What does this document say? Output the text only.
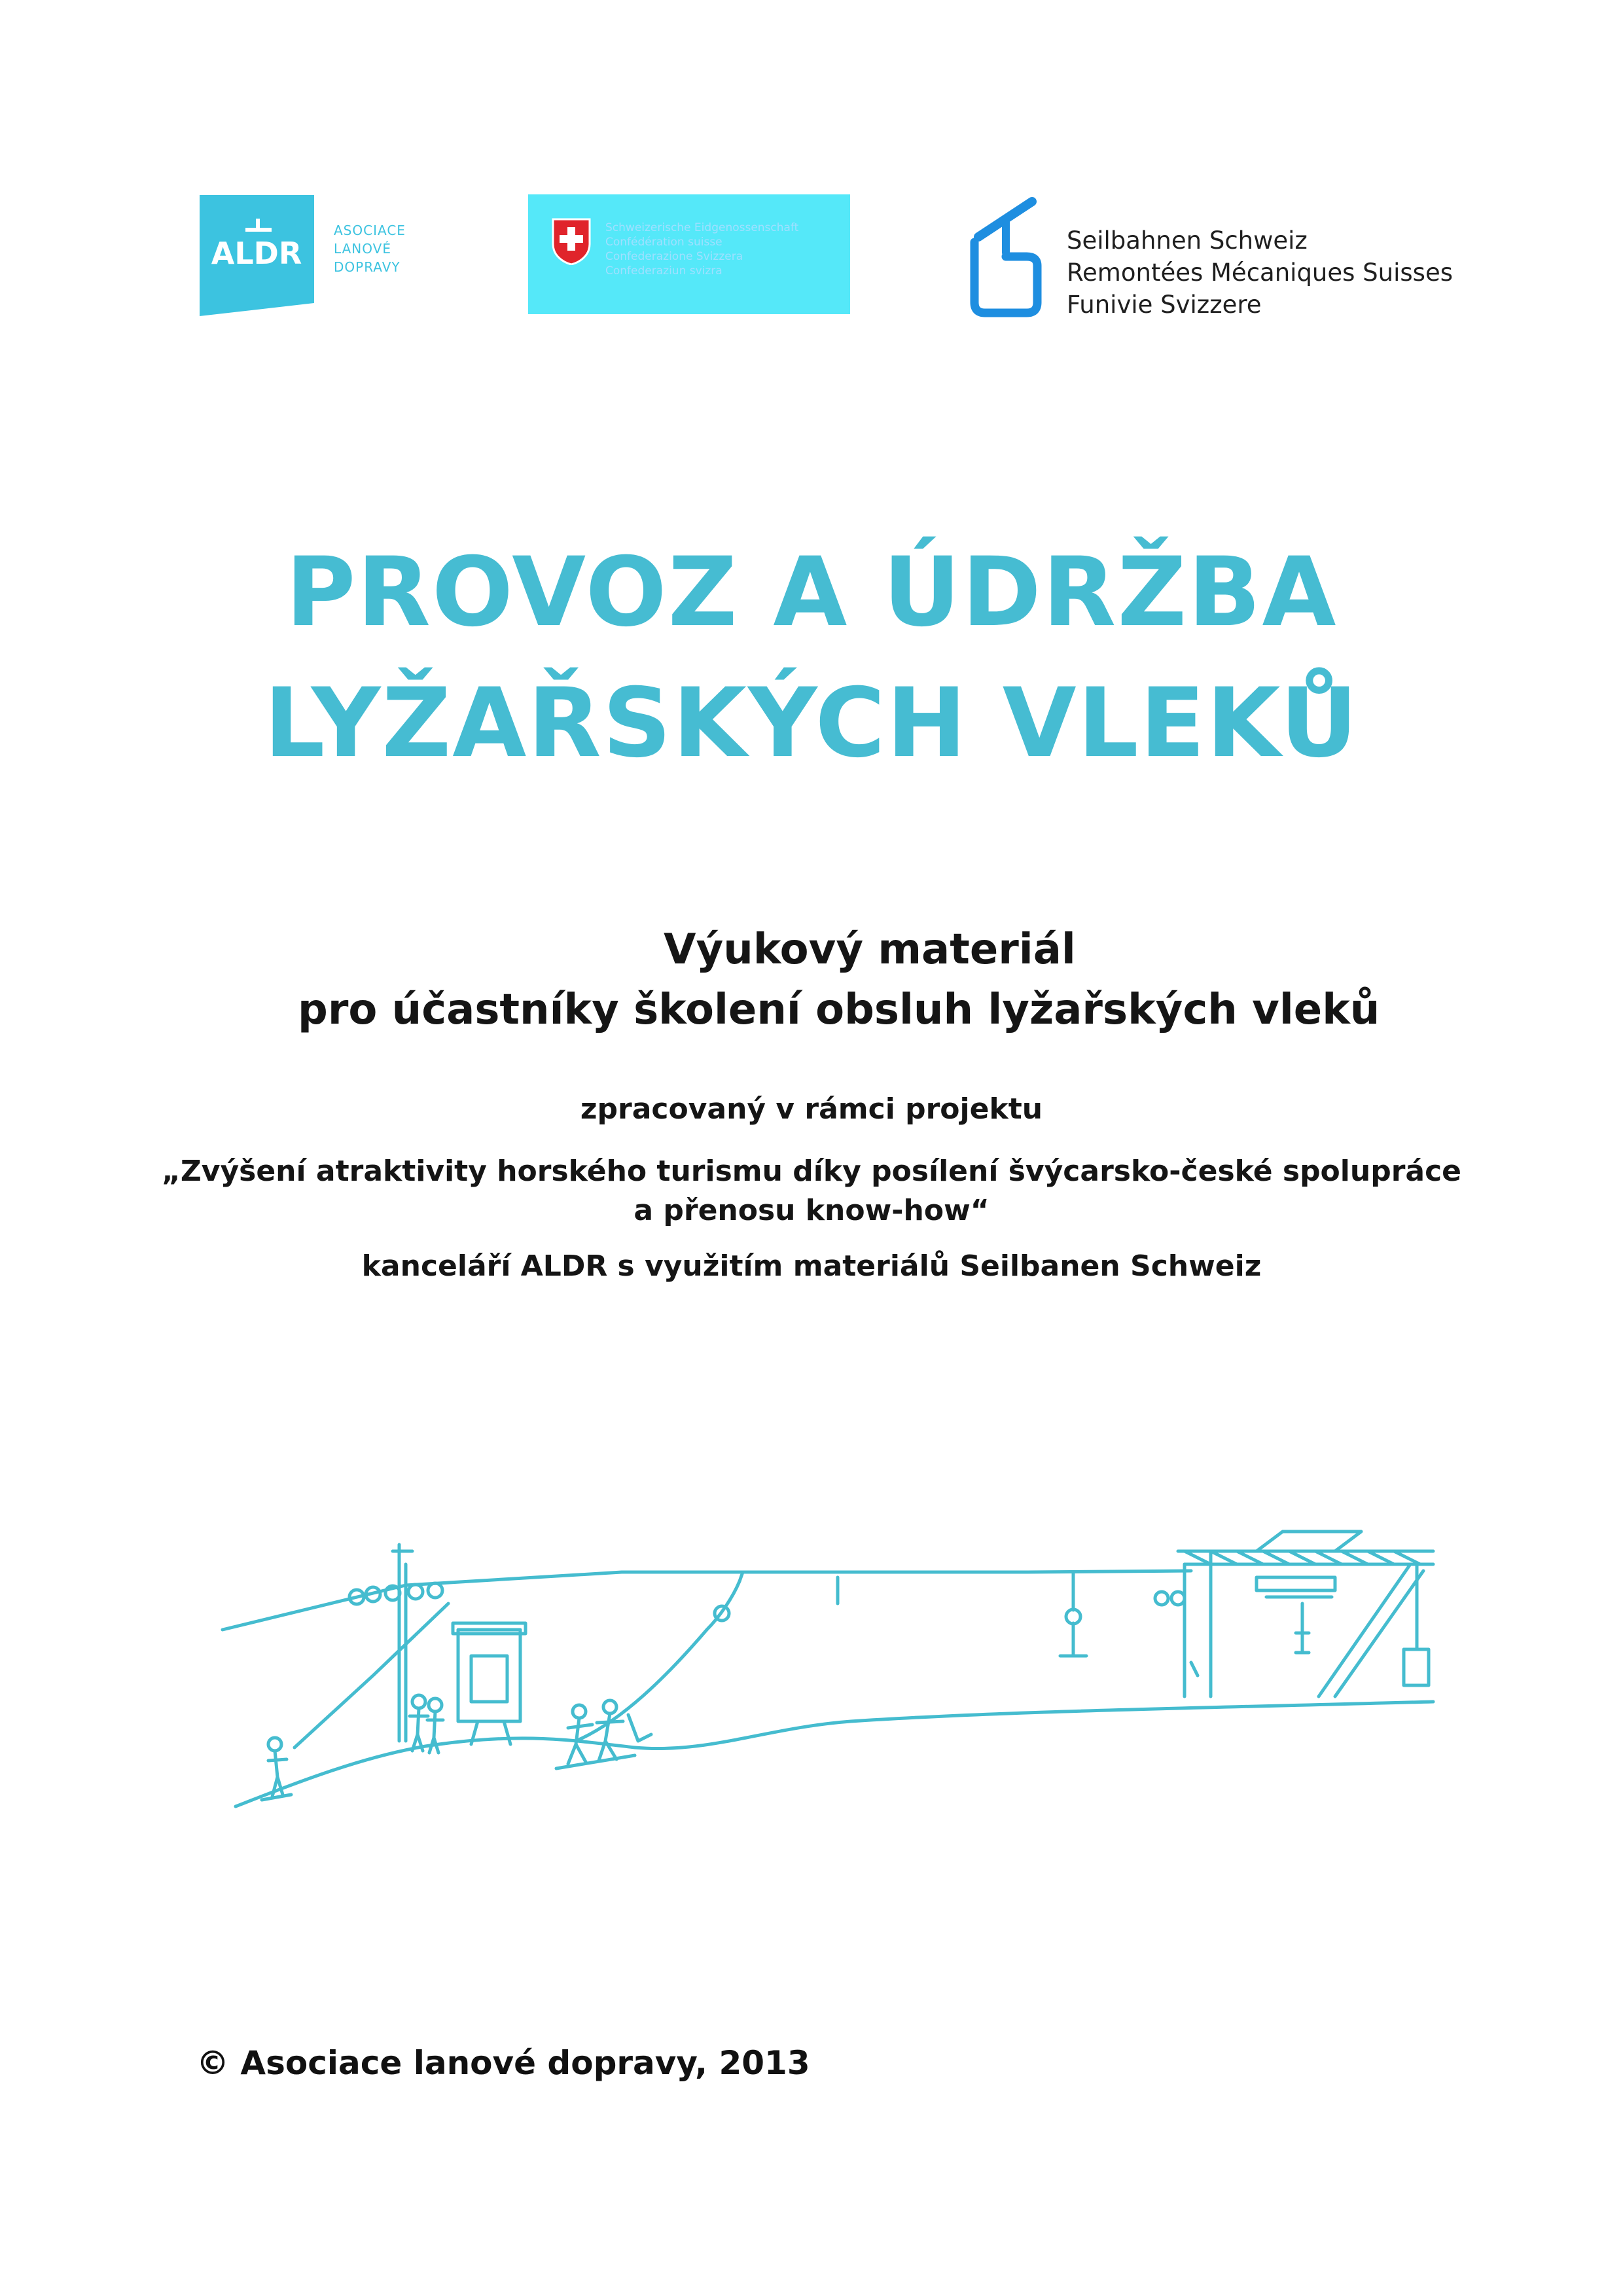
ALDR
ASOCIACE
LANOVÉ
DOPRAVY
Schweizerische Eidgenossenschaft
Confédération suisse
Confederazione Svizzera
Confederaziun svizra
Seilbahnen Schweiz
Remontées Mécaniques Suisses
Funivie Svizzere
PROVOZ A ÚDRŽBA
LYŽAŘSKÝCH VLEKŮ
Výukový materiál
pro účastníky školení obsluh lyžařských vleků
zpracovaný v rámci projektu
„Zvýšení atraktivity horského turismu díky posílení švýcarsko-české spolupráce
a přenosu know-how“
kanceláří ALDR s využitím materiálů Seilbanen Schweiz
© Asociace lanové dopravy, 2013
